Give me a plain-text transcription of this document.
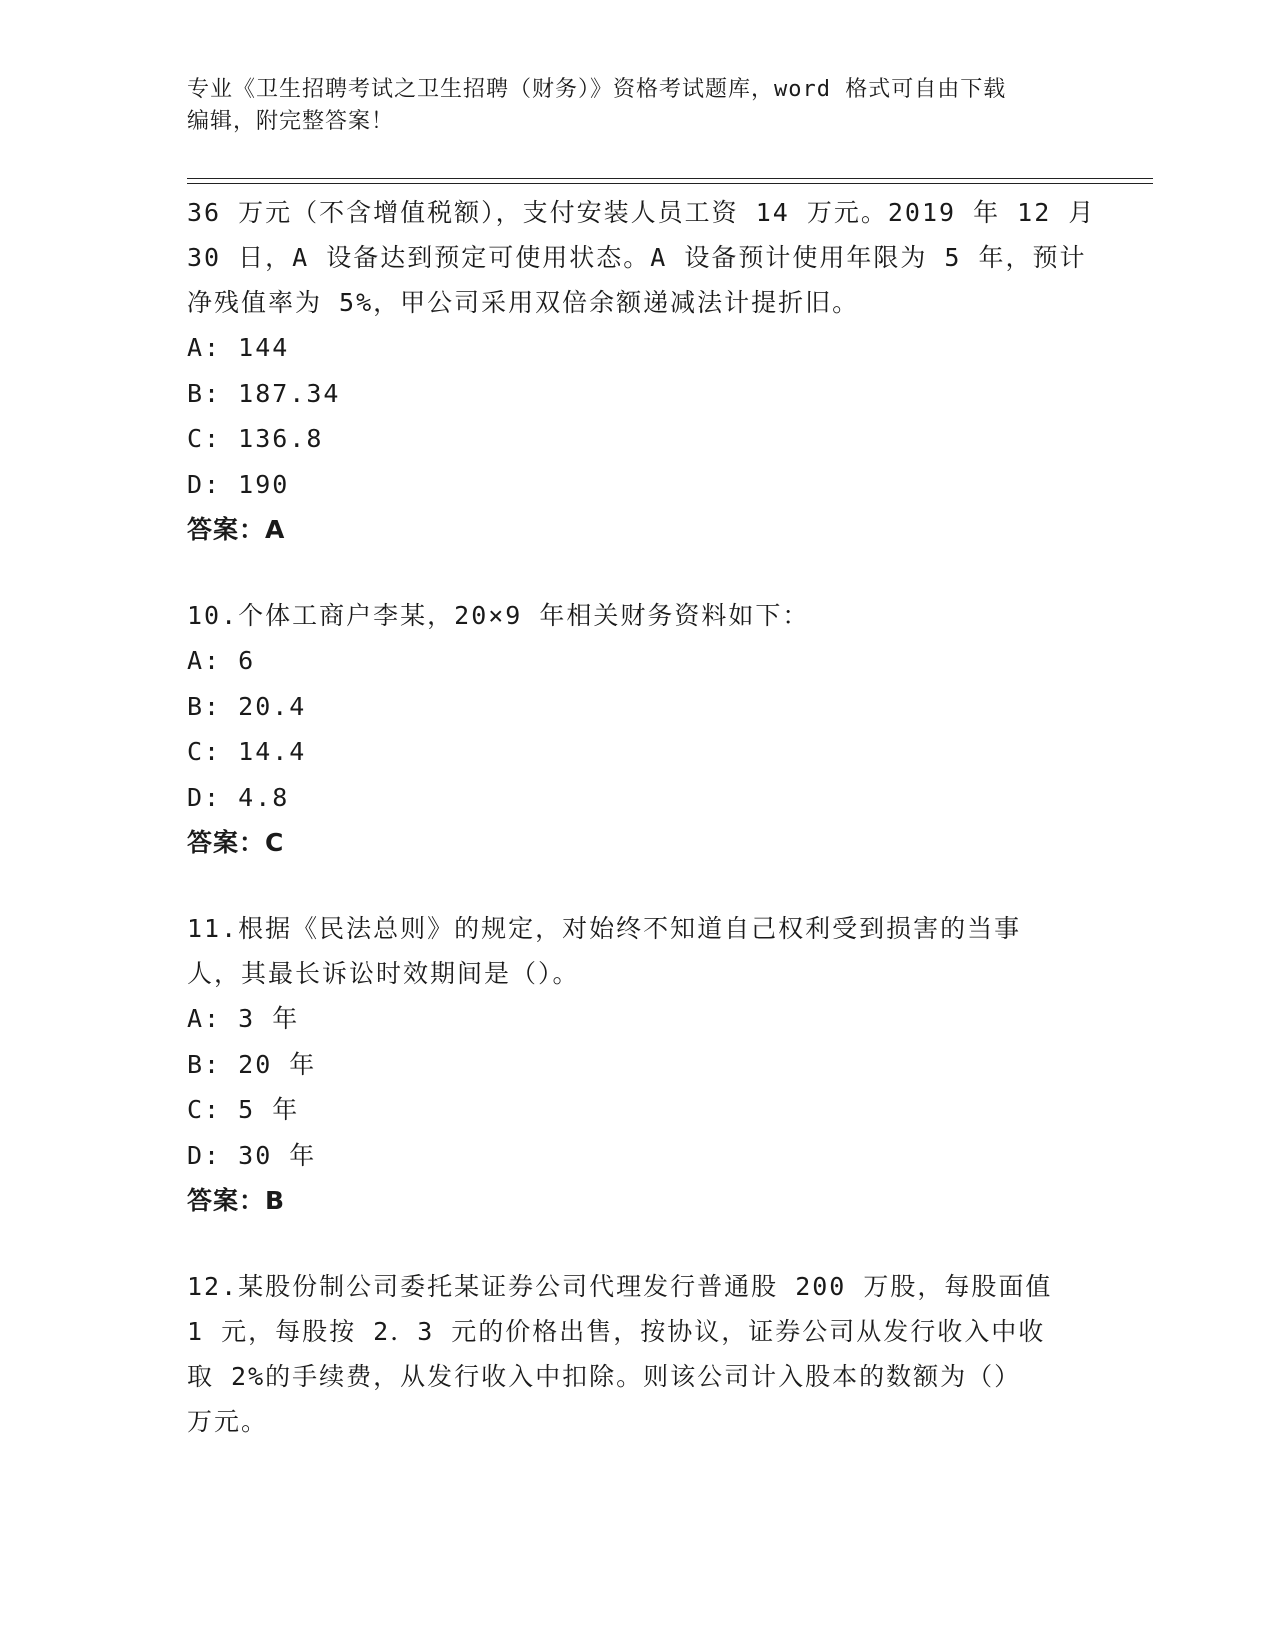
专业《卫生招聘考试之卫生招聘（财务）》资格考试题库，word 格式可自由下载
编辑，附完整答案！
36 万元（不含增值税额），支付安装人员工资 14 万元。2019 年 12 月
30 日，A 设备达到预定可使用状态。A 设备预计使用年限为 5 年，预计
净残值率为 5%，甲公司采用双倍余额递减法计提折旧。
A: 144
B: 187.34
C: 136.8
D: 190
答案：A
10.个体工商户李某，20×9 年相关财务资料如下：
A: 6
B: 20.4
C: 14.4
D: 4.8
答案：C
11.根据《民法总则》的规定，对始终不知道自己权利受到损害的当事
人，其最长诉讼时效期间是（）。
A: 3 年
B: 20 年
C: 5 年
D: 30 年
答案：B
12.某股份制公司委托某证券公司代理发行普通股 200 万股，每股面值
1 元，每股按 2．3 元的价格出售，按协议，证券公司从发行收入中收
取 2%的手续费，从发行收入中扣除。则该公司计入股本的数额为（）
万元。
